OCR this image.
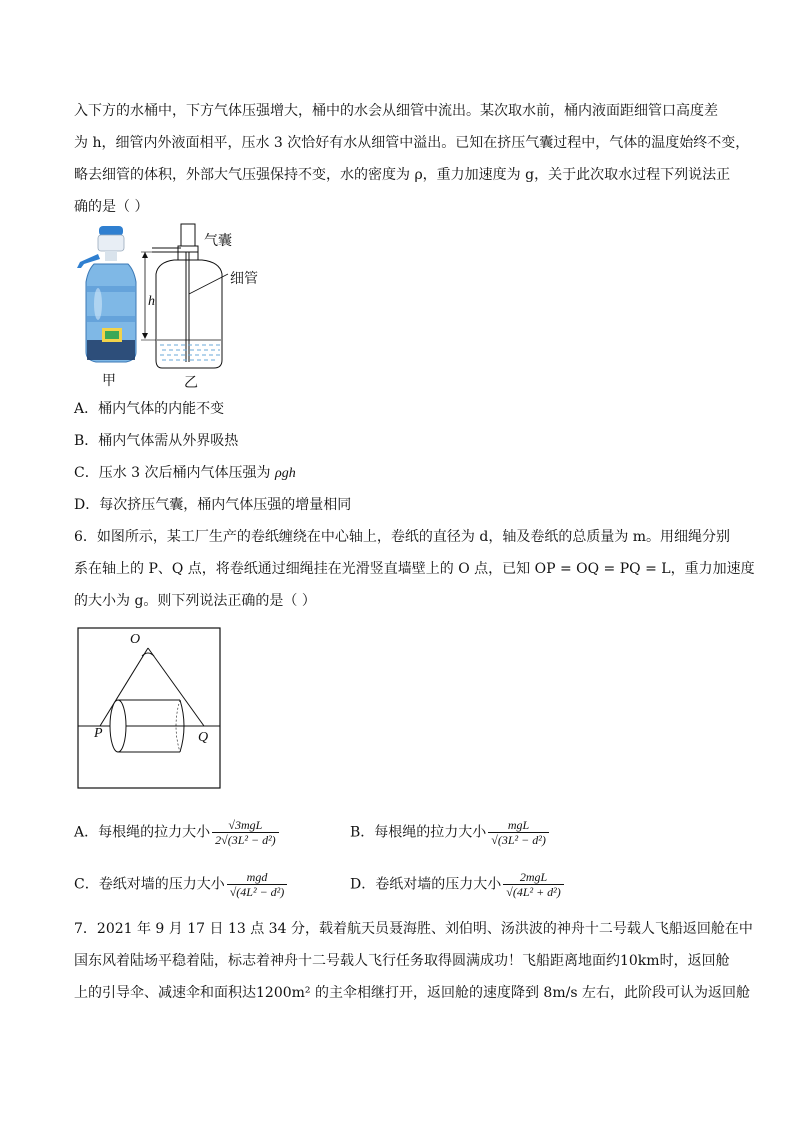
入下方的水桶中，下方气体压强增大，桶中的水会从细管中流出。某次取水前，桶内液面距细管口高度差
为 h，细管内外液面相平，压水 3 次恰好有水从细管中溢出。已知在挤压气囊过程中，气体的温度始终不变，
略去细管的体积，外部大气压强保持不变，水的密度为 ρ，重力加速度为 g，关于此次取水过程下列说法正
确的是（ ）
甲
h
气囊
细管
乙
A．桶内气体的内能不变
B．桶内气体需从外界吸热
C．压水 3 次后桶内气体压强为 ρgh
D．每次挤压气囊，桶内气体压强的增量相同
6．如图所示，某工厂生产的卷纸缠绕在中心轴上，卷纸的直径为 d，轴及卷纸的总质量为 m。用细绳分别
系在轴上的 P、Q 点，将卷纸通过细绳挂在光滑竖直墙壁上的 O 点，已知 OP = OQ = PQ = L，重力加速度
的大小为 g。则下列说法正确的是（ ）
O
P	Q
A．每根绳的拉力大小 $\frac{\text{√3mgL}}{\text{2√(3L² − d²)}}$	B．每根绳的拉力大小 $\frac{\text{mgL}}{\text{√(3L² − d²)}}$
C．卷纸对墙的压力大小 $\frac{\text{mgd}}{\text{√(4L² − d²)}}$	D．卷纸对墙的压力大小 $\frac{\text{2mgL}}{\text{√(4L² + d²)}}$
7．2021 年 9 月 17 日 13 点 34 分，载着航天员聂海胜、刘伯明、汤洪波的神舟十二号载人飞船返回舱在中
国东风着陆场平稳着陆，标志着神舟十二号载人飞行任务取得圆满成功！飞船距离地面约10km时，返回舱
上的引导伞、减速伞和面积达1200m² 的主伞相继打开，返回舱的速度降到 8m/s 左右，此阶段可认为返回舱
